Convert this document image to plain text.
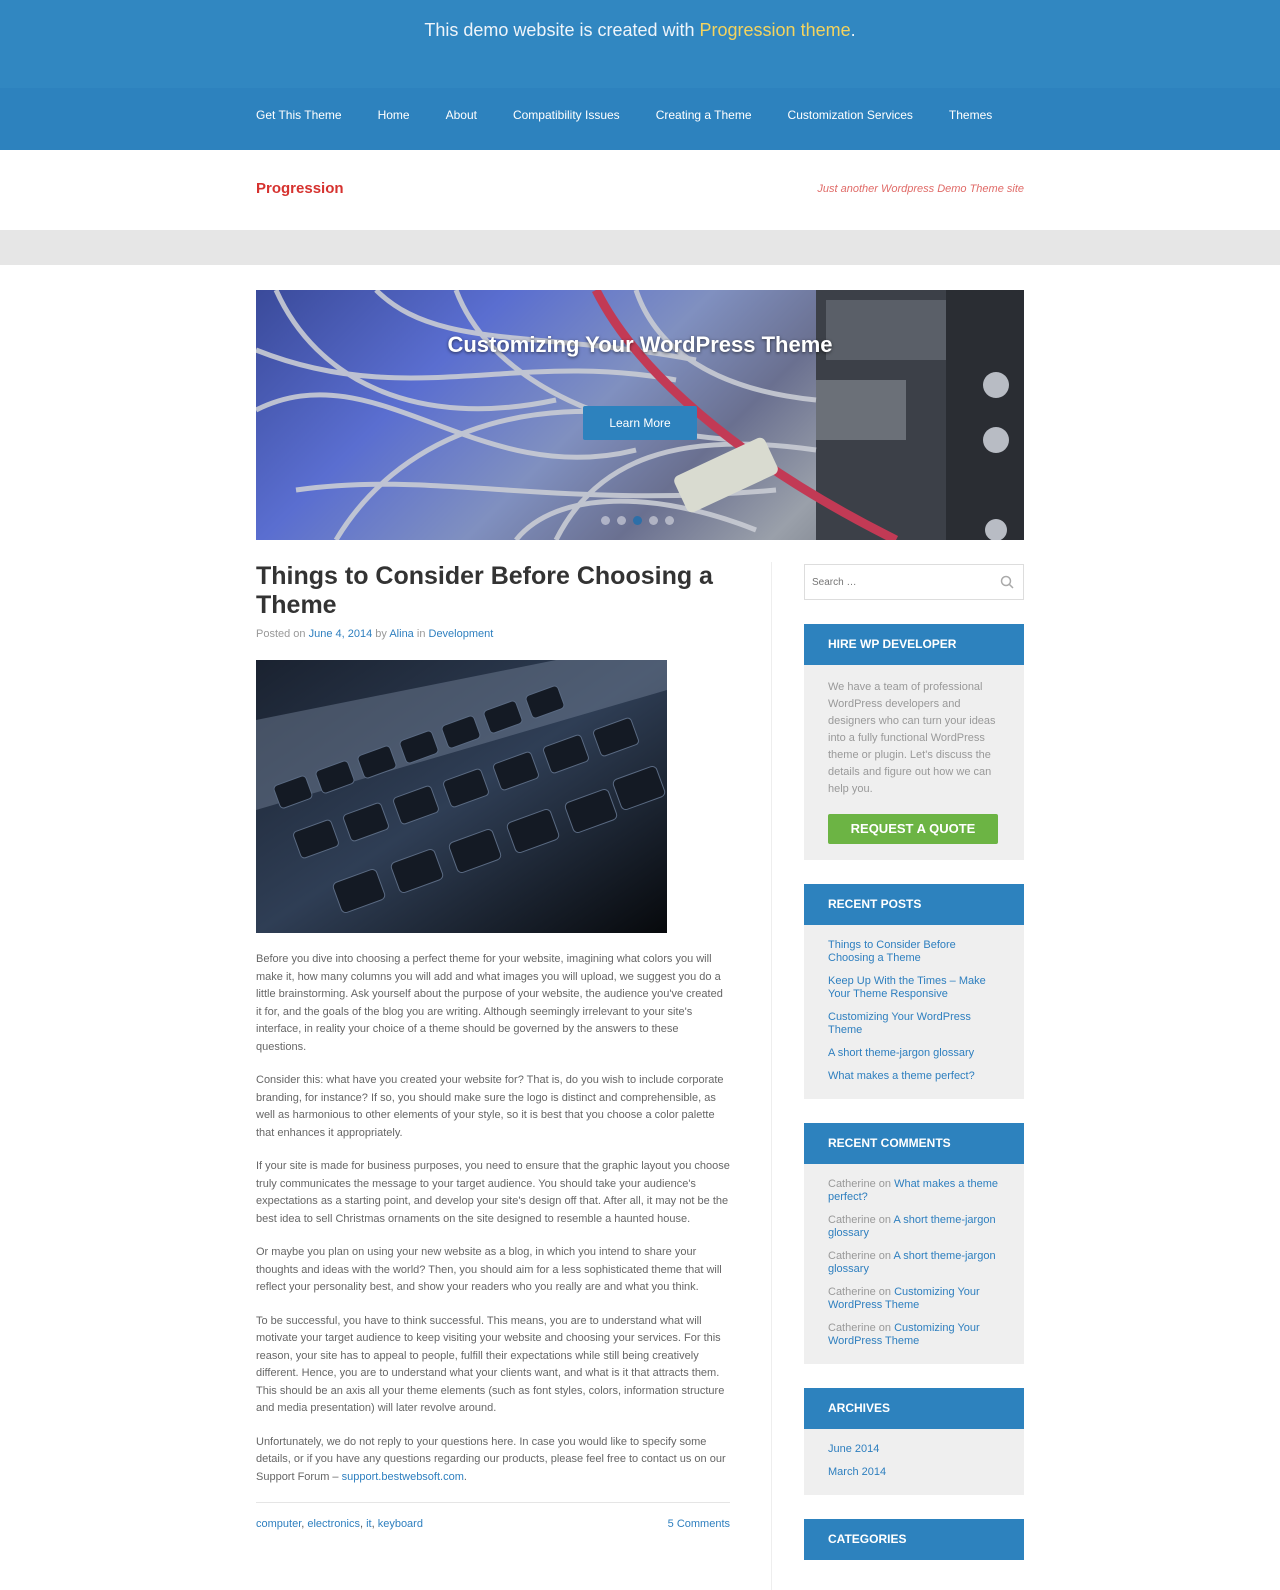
This demo website is created with Progression theme.
Get This Theme	Home	About	Compatibility Issues	Creating a Theme	Customization Services	Themes
Progression	Just another Wordpress Demo Theme site
Customizing Your WordPress Theme
Learn More
Things to Consider Before Choosing a Theme
Posted on June 4, 2014 by Alina in Development

Before you dive into choosing a perfect theme for your website, imagining what colors you will make it, how many columns you will add and what images you will upload, we suggest you do a little brainstorming. Ask yourself about the purpose of your website, the audience you've created it for, and the goals of the blog you are writing. Although seemingly irrelevant to your site's interface, in reality your choice of a theme should be governed by the answers to these questions.

Consider this: what have you created your website for? That is, do you wish to include corporate branding, for instance? If so, you should make sure the logo is distinct and comprehensible, as well as harmonious to other elements of your style, so it is best that you choose a color palette that enhances it appropriately.

If your site is made for business purposes, you need to ensure that the graphic layout you choose truly communicates the message to your target audience. You should take your audience's expectations as a starting point, and develop your site's design off that. After all, it may not be the best idea to sell Christmas ornaments on the site designed to resemble a haunted house.

Or maybe you plan on using your new website as a blog, in which you intend to share your thoughts and ideas with the world? Then, you should aim for a less sophisticated theme that will reflect your personality best, and show your readers who you really are and what you think.

To be successful, you have to think successful. This means, you are to understand what will motivate your target audience to keep visiting your website and choosing your services. For this reason, your site has to appeal to people, fulfill their expectations while still being creatively different. Hence, you are to understand what your clients want, and what is it that attracts them. This should be an axis all your theme elements (such as font styles, colors, information structure and media presentation) will later revolve around.

Unfortunately, we do not reply to your questions here. In case you would like to specify some details, or if you have any questions regarding our products, please feel free to contact us on our Support Forum – support.bestwebsoft.com.

computer, electronics, it, keyboard	5 Comments
Search …
HIRE WP DEVELOPER
We have a team of professional WordPress developers and designers who can turn your ideas into a fully functional WordPress theme or plugin. Let's discuss the details and figure out how we can help you.
REQUEST A QUOTE
RECENT POSTS
Things to Consider Before Choosing a Theme
Keep Up With the Times – Make Your Theme Responsive
Customizing Your WordPress Theme
A short theme-jargon glossary
What makes a theme perfect?
RECENT COMMENTS
Catherine on What makes a theme perfect?
Catherine on A short theme-jargon glossary
Catherine on A short theme-jargon glossary
Catherine on Customizing Your WordPress Theme
Catherine on Customizing Your WordPress Theme
ARCHIVES
June 2014
March 2014
CATEGORIES
